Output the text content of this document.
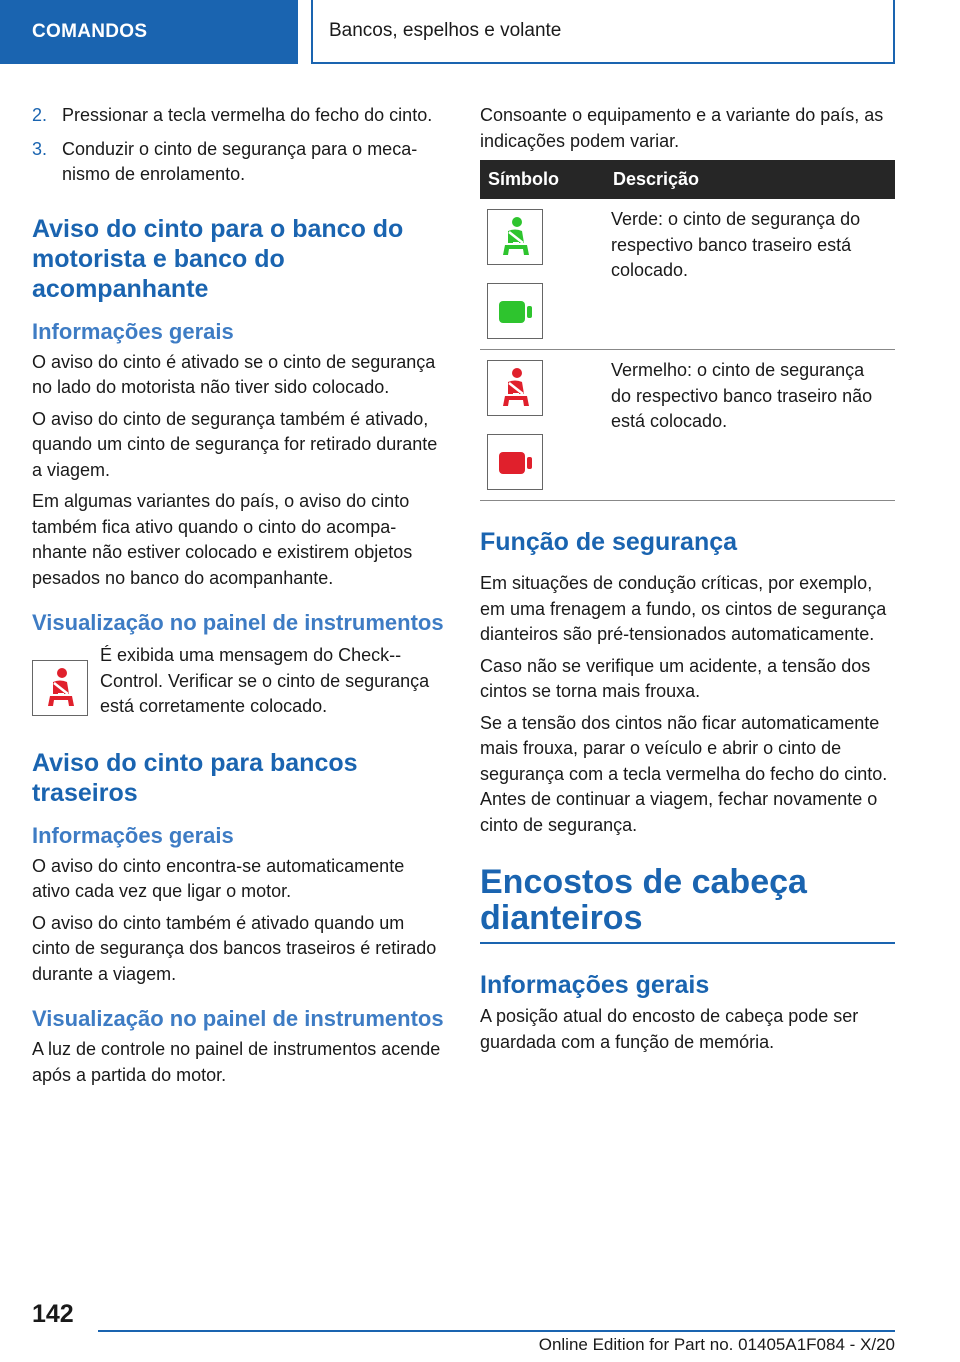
COMANDOS	Bancos, espelhos e volante
2. Pressionar a tecla vermelha do fecho do cinto.
3. Conduzir o cinto de segurança para o mecanismo de enrolamento.
Aviso do cinto para o banco do motorista e banco do acompanhante
Informações gerais

O aviso do cinto é ativado se o cinto de segurança no lado do motorista não tiver sido colocado.

O aviso do cinto de segurança também é ativado, quando um cinto de segurança for retirado durante a viagem.

Em algumas variantes do país, o aviso do cinto também fica ativo quando o cinto do acompanhante não estiver colocado e existirem objetos pesados no banco do acompanhante.

Visualização no painel de instrumentos

É exibida uma mensagem do Check-Control. Verificar se o cinto de segurança está corretamente colocado.

Aviso do cinto para bancos traseiros
Informações gerais

O aviso do cinto encontra-se automaticamente ativo cada vez que ligar o motor.

O aviso do cinto também é ativado quando um cinto de segurança dos bancos traseiros é retirado durante a viagem.

Visualização no painel de instrumentos

A luz de controle no painel de instrumentos acende após a partida do motor.

Consoante o equipamento e a variante do país, as indicações podem variar.

Símbolo	Descrição

	Verde: o cinto de segurança do respectivo banco traseiro está colocado.

	Vermelho: o cinto de segurança do respectivo banco traseiro não está colocado.
Função de segurança

Em situações de condução críticas, por exemplo, em uma frenagem a fundo, os cintos de segurança dianteiros são pré-tensionados automaticamente.

Caso não se verifique um acidente, a tensão dos cintos se torna mais frouxa.

Se a tensão dos cintos não ficar automaticamente mais frouxa, parar o veículo e abrir o cinto de segurança com a tecla vermelha do fecho do cinto. Antes de continuar a viagem, fechar novamente o cinto de segurança.

Encostos de cabeça dianteiros
Informações gerais

A posição atual do encosto de cabeça pode ser guardada com a função de memória.

142
Online Edition for Part no. 01405A1F084 - X/20
